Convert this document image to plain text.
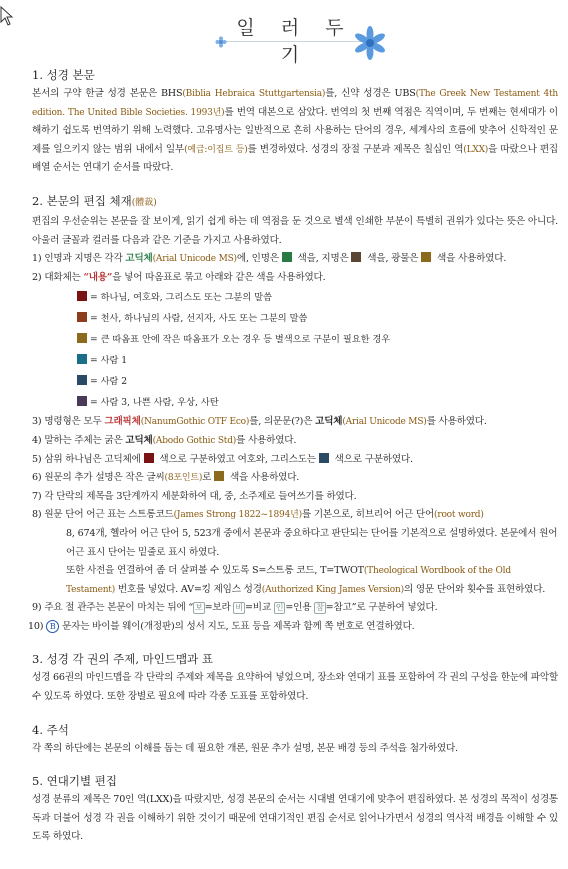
일 러 두 기
1. 성경 본문

본서의 구약 한글 성경 본문은 BHS(Biblia Hebraica Stuttgartensia)를, 신약 성경은 UBS(The Greek New Testament 4th edition. The United Bible Societies. 1993년)를 번역 대본으로 삼았다. 번역의 첫 번째 역점은 직역이며, 두 번째는 현세대가 이해하기 쉽도록 번역하기 위해 노력했다. 고유명사는 일반적으로 흔히 사용하는 단어의 경우, 세계사의 흐름에 맞추어 신학적인 문제를 일으키지 않는 범위 내에서 일부(예급:이집트 등)를 변경하였다. 성경의 장절 구분과 제목은 칠십인 역(LXX)을 따랐으나 편집 배열 순서는 연대기 순서를 따랐다.

2. 본문의 편집 체재(體裁)

편집의 우선순위는 본문을 잘 보이게, 읽기 쉽게 하는 데 역점을 둔 것으로 별색 인쇄한 부분이 특별히 권위가 있다는 뜻은 아니다. 아울러 글꼴과 컬러를 다음과 같은 기준을 가지고 사용하였다.

1) 인명과 지명은 각각 고딕체(Arial Unicode MS)에, 인명은  색을, 지명은  색을, 광물은  색을 사용하였다.
2) 대화체는 “내용”을 넣어 따옴표로 묶고 아래와 같은 색을 사용하였다.
= 하나님, 여호와, 그리스도 또는 그분의 말씀
= 천사, 하나님의 사람, 선지자, 사도 또는 그분의 말씀
= 큰 따옴표 안에 작은 따옴표가 오는 경우 등 별색으로 구분이 필요한 경우
= 사람 1
= 사람 2
= 사람 3, 나쁜 사람, 우상, 사탄
3) 명령형은 모두 그래픽체(NanumGothic OTF Eco)를, 의문문(?)은 고딕체(Arial Unicode MS)를 사용하였다.
4) 말하는 주체는 굵은 고딕체(Abodo Gothic Std)를 사용하였다.
5) 삼위 하나님은 고딕체에  색으로 구분하였고 여호와, 그리스도는  색으로 구분하였다.
6) 원문의 추가 설명은 작은 글씨(8포인트)로  색을 사용하였다.
7) 각 단락의 제목을 3단계까지 세분화하여 대, 중, 소주제로 들여쓰기를 하였다.
8) 원문 단어 어근 표는 스트롱코드(James Strong 1822~1894년)를 기본으로, 히브리어 어근 단어(root word)
8, 674개, 헬라어 어근 단어 5, 523개 중에서 본문과 중요하다고 판단되는 단어를 기본적으로 설명하였다. 본문에서 원어 어근 표시 단어는 밑줄로 표시 하였다.
또한 사전을 연결하여 좀 더 살펴볼 수 있도록 S=스트롱 코드, T=TWOT(Theological Wordbook of the Old Testament) 번호를 넣었다. AV=킹 제임스 성경(Authorized King James Version)의 영문 단어와 횟수를 표현하였다.
9) 주요 절 관주는 본문이 마치는 뒤에 “ 보 =보라 비 =비교 인 =인용 참 =참고”로 구분하여 넣었다.
10) B 문자는 바이블 웨이(개정판)의 성서 지도, 도표 등을 제목과 함께 쪽 번호로 연결하였다.
3. 성경 각 권의 주제, 마인드맵과 표

성경 66권의 마인드맵을 각 단락의 주제와 제목을 요약하여 넣었으며, 장소와 연대기 표를 포함하여 각 권의 구성을 한눈에 파악할 수 있도록 하였다. 또한 장별로 필요에 따라 각종 도표를 포함하였다.

4. 주석

각 쪽의 하단에는 본문의 이해를 돕는 데 필요한 개론, 원문 추가 설명, 본문 배경 등의 주석을 첨가하였다.

5. 연대기별 편집

성경 분류의 제목은 70인 역(LXX)을 따랐지만, 성경 본문의 순서는 시대별 연대기에 맞추어 편집하였다. 본 성경의 목적이 성경통독과 더불어 성경 각 권을 이해하기 위한 것이기 때문에 연대기적인 편집 순서로 읽어나가면서 성경의 역사적 배경을 이해할 수 있도록 하였다.
